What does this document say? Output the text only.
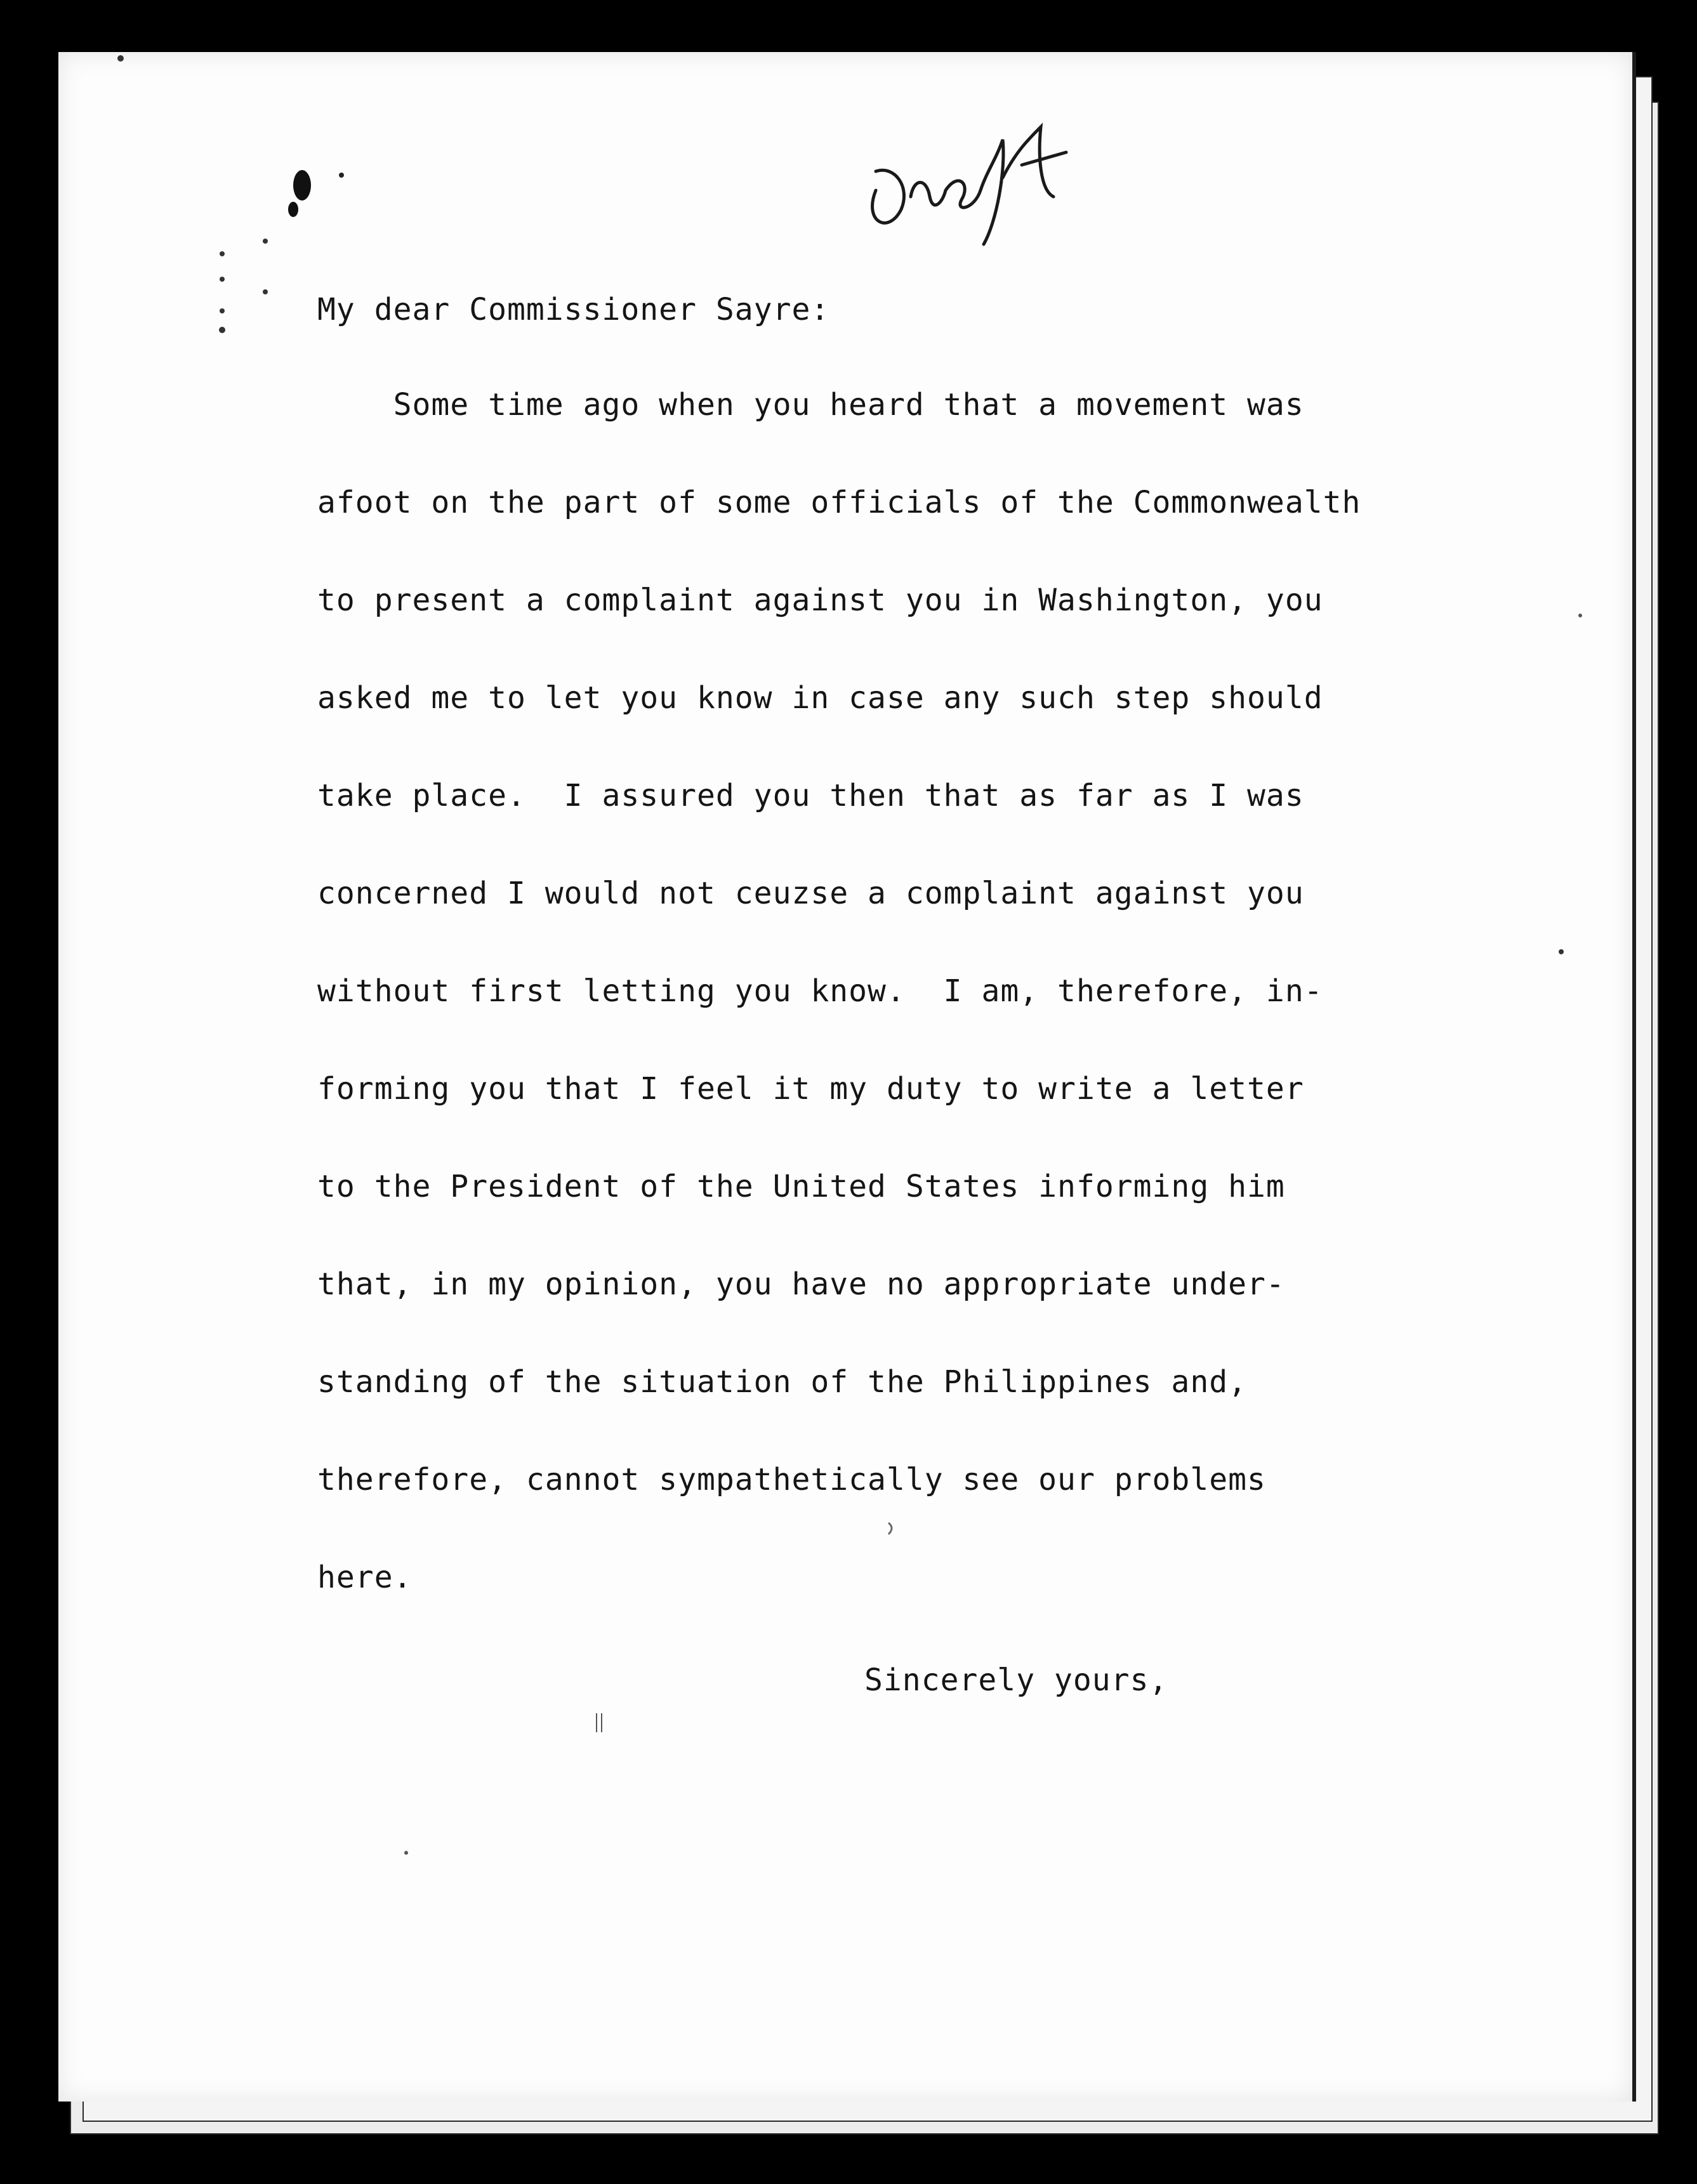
My dear Commissioner Sayre:
Some time ago when you heard that a movement was
afoot on the part of some officials of the Commonwealth
to present a complaint against you in Washington, you
asked me to let you know in case any such step should
take place.  I assured you then that as far as I was
concerned I would not ceuzse a complaint against you
without first letting you know.  I am, therefore, in-
forming you that I feel it my duty to write a letter
to the President of the United States informing him
that, in my opinion, you have no appropriate under-
standing of the situation of the Philippines and,
therefore, cannot sympathetically see our problems
here.
Sincerely yours,
